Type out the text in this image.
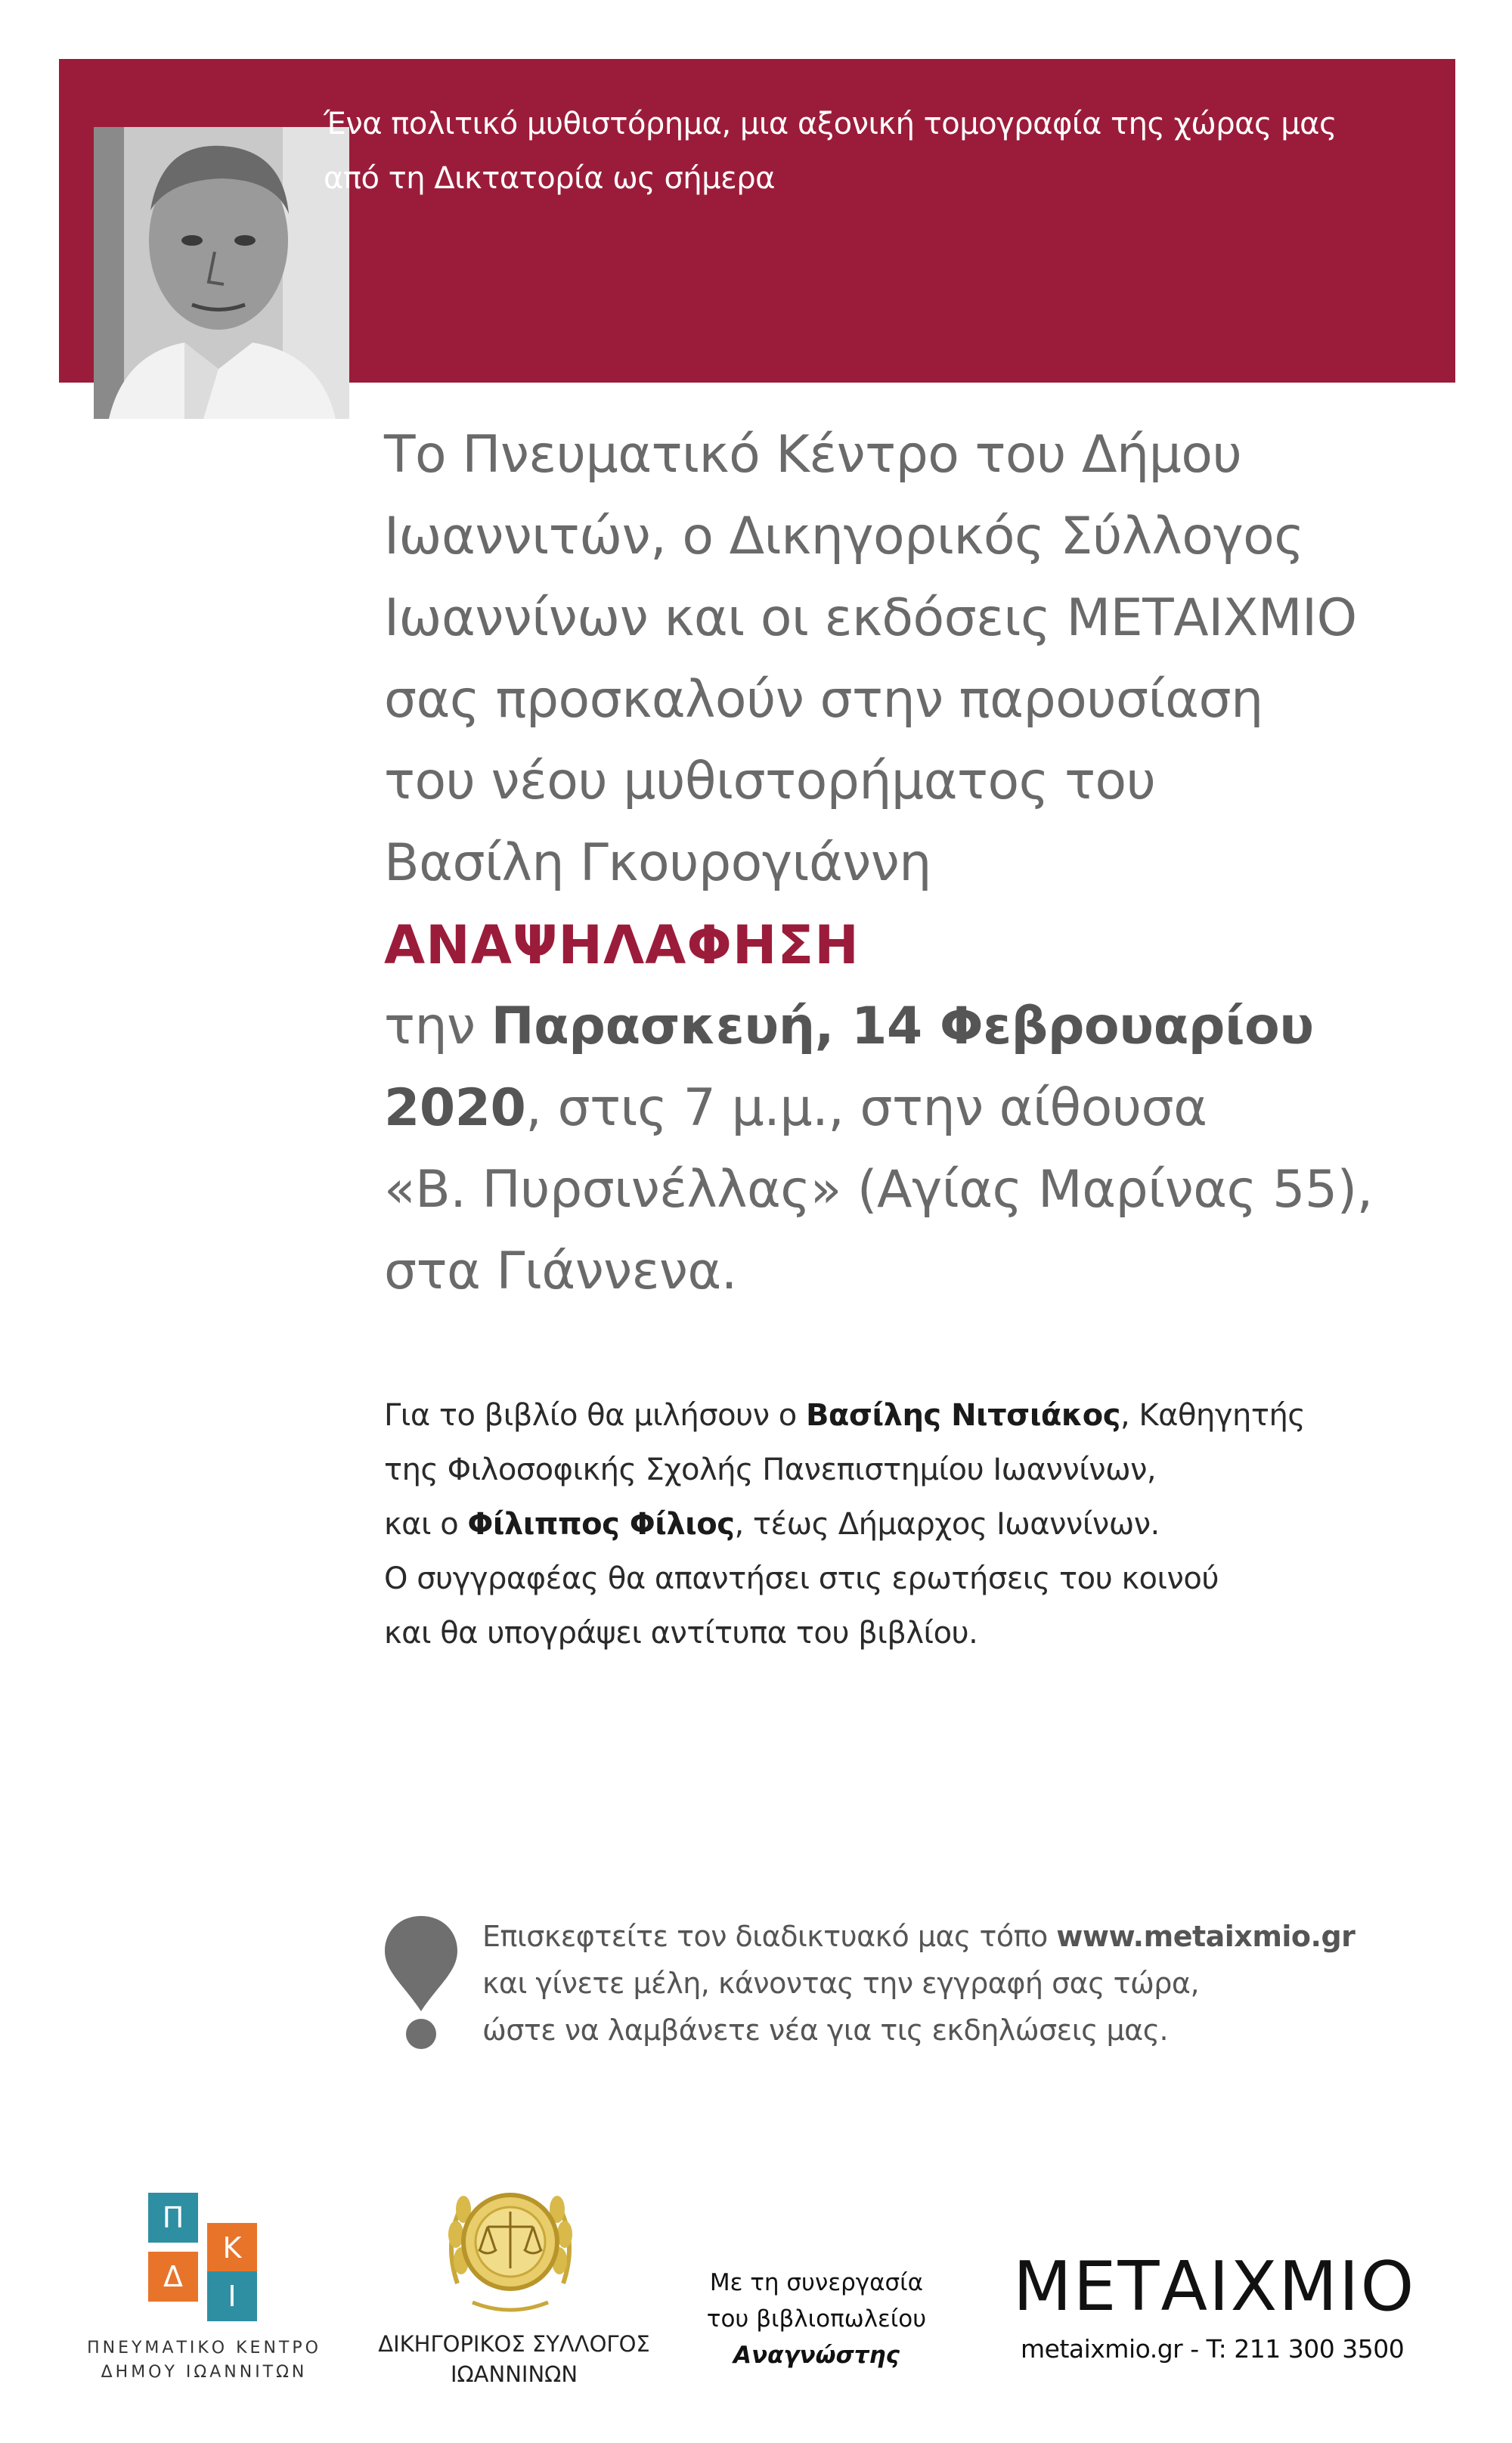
Ένα πολιτικό μυθιστόρημα, μια αξονική τομογραφία της χώρας μας
από τη Δικτατορία ως σήμερα
Το Πνευματικό Κέντρο του Δήμου
Ιωαννιτών, ο Δικηγορικός Σύλλογος
Ιωαννίνων και οι εκδόσεις ΜΕΤΑΙΧΜΙΟ
σας προσκαλούν στην παρουσίαση
του νέου μυθιστορήματος του
Βασίλη Γκουρογιάννη
ΑΝΑΨΗΛΑΦΗΣΗ
την Παρασκευή, 14 Φεβρουαρίου
2020, στις 7 μ.μ., στην αίθουσα
«Β. Πυρσινέλλας» (Αγίας Μαρίνας 55),
στα Γιάννενα.
Για το βιβλίο θα μιλήσουν ο Βασίλης Νιτσιάκος, Καθηγητής
της Φιλοσοφικής Σχολής Πανεπιστημίου Ιωαννίνων,
και ο Φίλιππος Φίλιος, τέως Δήμαρχος Ιωαννίνων.
Ο συγγραφέας θα απαντήσει στις ερωτήσεις του κοινού
και θα υπογράψει αντίτυπα του βιβλίου.
Επισκεφτείτε τον διαδικτυακό μας τόπο www.metaixmio.gr
και γίνετε μέλη, κάνοντας την εγγραφή σας τώρα,
ώστε να λαμβάνετε νέα για τις εκδηλώσεις μας.
Π
Κ
Δ
Ι
ΠΝΕΥΜΑΤΙΚΟ ΚΕΝΤΡΟ
ΔΗΜΟΥ ΙΩΑΝΝΙΤΩΝ
ΔΙΚΗΓΟΡΙΚΟΣ ΣΥΛΛΟΓΟΣ
ΙΩΑΝΝΙΝΩΝ
Με τη συνεργασία
του βιβλιοπωλείου
Αναγνώστης
ΜΕΤΑΙΧΜΙΟ
metaixmio.gr - T: 211 300 3500
